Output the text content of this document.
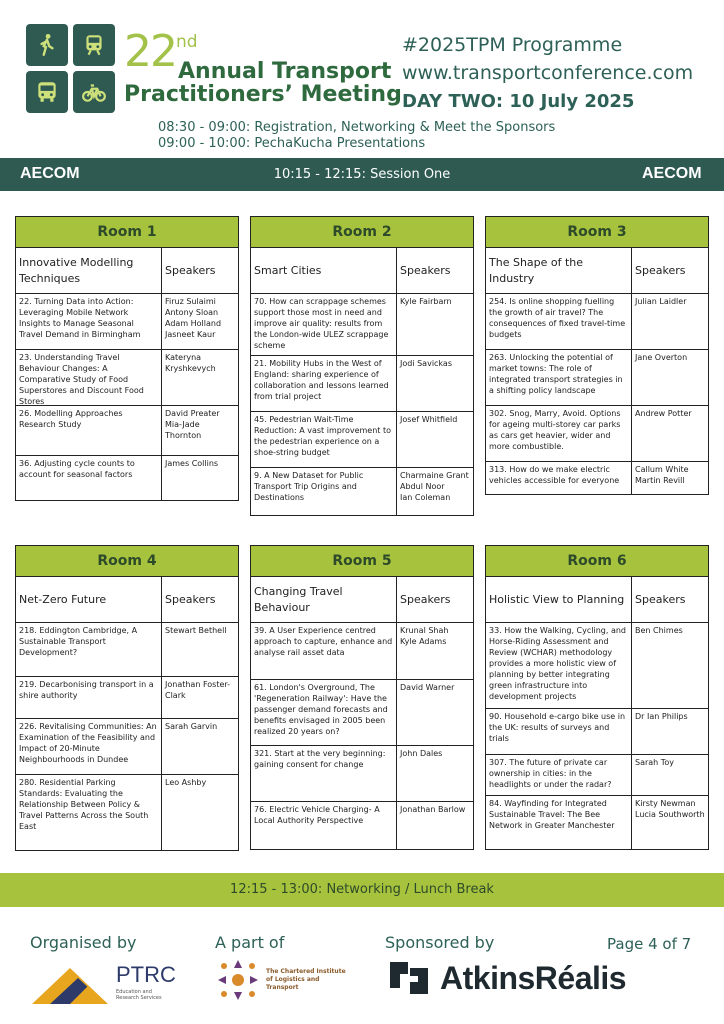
22 nd
Annual Transport
Practitioners’ Meeting
#2025TPM Programme
www.transportconference.com
DAY TWO: 10 July 2025
08:30 - 09:00: Registration, Networking & Meet the Sponsors
09:00 - 10:00: PechaKucha Presentations
AECOM	10:15 - 12:15: Session One	AECOM
Room 1
Innovative Modelling Techniques
Speakers
22. Turning Data into Action: Leveraging Mobile Network Insights to Manage Seasonal Travel Demand in Birmingham
Firuz Sulaimi
Antony Sloan
Adam Holland
Jasneet Kaur
23. Understanding Travel Behaviour Changes: A Comparative Study of Food Superstores and Discount Food Stores
Kateryna Kryshkevych
26. Modelling Approaches Research Study
David Preater
Mia-Jade Thornton
36. Adjusting cycle counts to account for seasonal factors
James Collins
Room 2
Smart Cities	Speakers
70. How can scrappage schemes support those most in need and improve air quality: results from the London-wide ULEZ scrappage scheme
Kyle Fairbarn
21. Mobility Hubs in the West of England: sharing experience of collaboration and lessons learned from trial project
Jodi Savickas
45. Pedestrian Wait-Time Reduction: A vast improvement to the pedestrian experience on a shoe-string budget
Josef Whitfield
9. A New Dataset for Public Transport Trip Origins and Destinations
Charmaine Grant
Abdul Noor
Ian Coleman
Room 3
The Shape of the Industry
Speakers
254. Is online shopping fuelling the growth of air travel? The consequences of fixed travel-time budgets
Julian Laidler
263. Unlocking the potential of market towns: The role of integrated transport strategies in a shifting policy landscape
Jane Overton
302. Snog, Marry, Avoid. Options for ageing multi-storey car parks as cars get heavier, wider and more combustible.
Andrew Potter
313. How do we make electric vehicles accessible for everyone
Callum White
Martin Revill
Room 4
Net-Zero Future	Speakers
218. Eddington Cambridge, A Sustainable Transport Development?
Stewart Bethell
219. Decarbonising transport in a shire authority
Jonathan Foster-Clark
226. Revitalising Communities: An Examination of the Feasibility and Impact of 20-Minute Neighbourhoods in Dundee
Sarah Garvin
280. Residential Parking Standards: Evaluating the Relationship Between Policy & Travel Patterns Across the South East
Leo Ashby
Room 5
Changing Travel Behaviour
Speakers
39. A User Experience centred approach to capture, enhance and analyse rail asset data
Krunal Shah
Kyle Adams
61. London's Overground, The 'Regeneration Railway': Have the passenger demand forecasts and benefits envisaged in 2005 been realized 20 years on?
David Warner
321. Start at the very beginning: gaining consent for change
John Dales
76. Electric Vehicle Charging- A Local Authority Perspective
Jonathan Barlow
Room 6
Holistic View to Planning Speakers
33. How the Walking, Cycling, and Horse-Riding Assessment and Review (WCHAR) methodology provides a more holistic view of planning by better integrating green infrastructure into development projects
Ben Chimes
90. Household e-cargo bike use in the UK: results of surveys and trials
Dr Ian Philips
307. The future of private car ownership in cities: in the headlights or under the radar?
Sarah Toy
84. Wayfinding for Integrated Sustainable Travel: The Bee Network in Greater Manchester
Kirsty Newman
Lucia Southworth
12:15 - 13:00: Networking / Lunch Break
Organised by	A part of	Sponsored by	Page 4 of 7
PTRC
Education and Research Services
The Chartered Institute of Logistics and Transport	AtkinsRéalis
